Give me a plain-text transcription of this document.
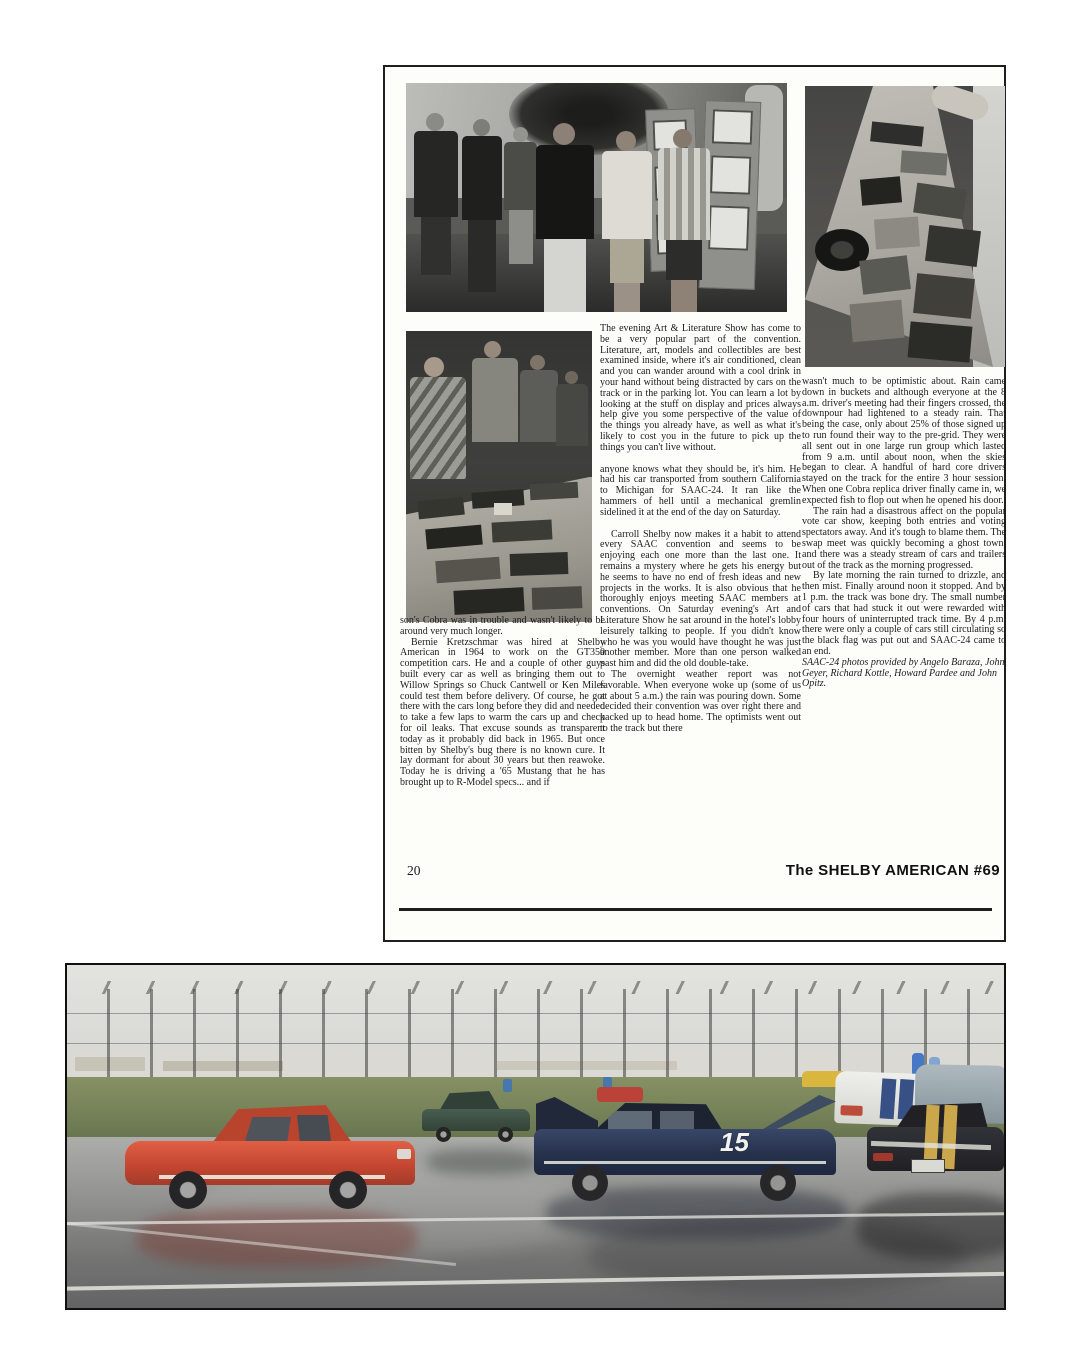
son's Cobra was in trouble and wasn't likely to be around very much longer.

Bernie Kretzschmar was hired at Shelby American in 1964 to work on the GT350 competition cars. He and a couple of other guys built every car as well as bringing them out to Willow Springs so Chuck Cantwell or Ken Miles could test them before delivery. Of course, he got there with the cars long before they did and needed to take a few laps to warm the cars up and check for oil leaks. That excuse sounds as transparent today as it probably did back in 1965. But once bitten by Shelby's bug there is no known cure. It lay dormant for about 30 years but then reawoke. Today he is driving a '65 Mustang that he has brought up to R-Model specs... and if

The evening Art & Literature Show has come to be a very popular part of the convention. Literature, art, models and collectibles are best examined inside, where it's air conditioned, clean and you can wander around with a cool drink in your hand without being distracted by cars on the track or in the parking lot. You can learn a lot by looking at the stuff on display and prices always help give you some perspective of the value of the things you already have, as well as what it's likely to cost you in the future to pick up the things you can't live without.

anyone knows what they should be, it's him. He had his car transported from southern California to Michigan for SAAC-24. It ran like the hammers of hell until a mechanical gremlin sidelined it at the end of the day on Saturday.

Carroll Shelby now makes it a habit to attend every SAAC convention and seems to be enjoying each one more than the last one. It remains a mystery where he gets his energy but he seems to have no end of fresh ideas and new projects in the works. It is also obvious that he thoroughly enjoys meeting SAAC members at conventions. On Saturday evening's Art and Literature Show he sat around in the hotel's lobby leisurely talking to people. If you didn't know who he was you would have thought he was just another member. More than one person walked past him and did the old double-take.

The overnight weather report was not favorable. When everyone woke up (some of us at about 5 a.m.) the rain was pouring down. Some decided their convention was over right there and packed up to head home. The optimists went out to the track but there

wasn't much to be optimistic about. Rain came down in buckets and although everyone at the 8 a.m. driver's meeting had their fingers crossed, the downpour had lightened to a steady rain. That being the case, only about 25% of those signed up to run found their way to the pre-grid. They were all sent out in one large run group which lasted from 9 a.m. until about noon, when the skies began to clear. A handful of hard core drivers stayed on the track for the entire 3 hour session. When one Cobra replica driver finally came in, we expected fish to flop out when he opened his door.

The rain had a disastrous affect on the popular vote car show, keeping both entries and voting spectators away. And it's tough to blame them. The swap meet was quickly becoming a ghost town, and there was a steady stream of cars and trailers out of the track as the morning progressed.

By late morning the rain turned to drizzle, and then mist. Finally around noon it stopped. And by 1 p.m. the track was bone dry. The small number of cars that had stuck it out were rewarded with four hours of uninterrupted track time. By 4 p.m. there were only a couple of cars still circulating so the black flag was put out and SAAC-24 came to an end.

SAAC-24 photos provided by Angelo Baraza, John Geyer, Richard Kottle, Howard Pardee and John Opitz.

20	The SHELBY AMERICAN #69
15
